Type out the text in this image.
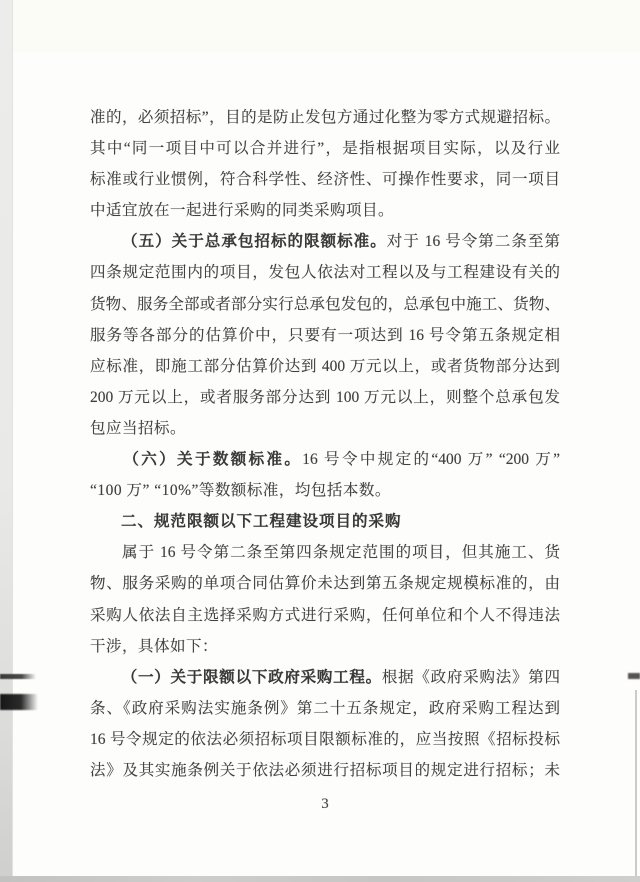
准的，必须招标”，目的是防止发包方通过化整为零方式规避招标。
其中“同一项目中可以合并进行”，是指根据项目实际，以及行业
标准或行业惯例，符合科学性、经济性、可操作性要求，同一项目
中适宜放在一起进行采购的同类采购项目。
（五）关于总承包招标的限额标准。对于 16 号令第二条至第
四条规定范围内的项目，发包人依法对工程以及与工程建设有关的
货物、服务全部或者部分实行总承包发包的，总承包中施工、货物、
服务等各部分的估算价中，只要有一项达到 16 号令第五条规定相
应标准，即施工部分估算价达到 400 万元以上，或者货物部分达到
200 万元以上，或者服务部分达到 100 万元以上，则整个总承包发
包应当招标。
（六）关于数额标准。16 号令中规定的“400 万” “200 万”
“100 万” “10%”等数额标准，均包括本数。
二、规范限额以下工程建设项目的采购
属于 16 号令第二条至第四条规定范围的项目，但其施工、货
物、服务采购的单项合同估算价未达到第五条规定规模标准的，由
采购人依法自主选择采购方式进行采购，任何单位和个人不得违法
干涉，具体如下：
（一）关于限额以下政府采购工程。根据《政府采购法》第四
条、《政府采购法实施条例》第二十五条规定，政府采购工程达到
16 号令规定的依法必须招标项目限额标准的，应当按照《招标投标
法》及其实施条例关于依法必须进行招标项目的规定进行招标；未
3
